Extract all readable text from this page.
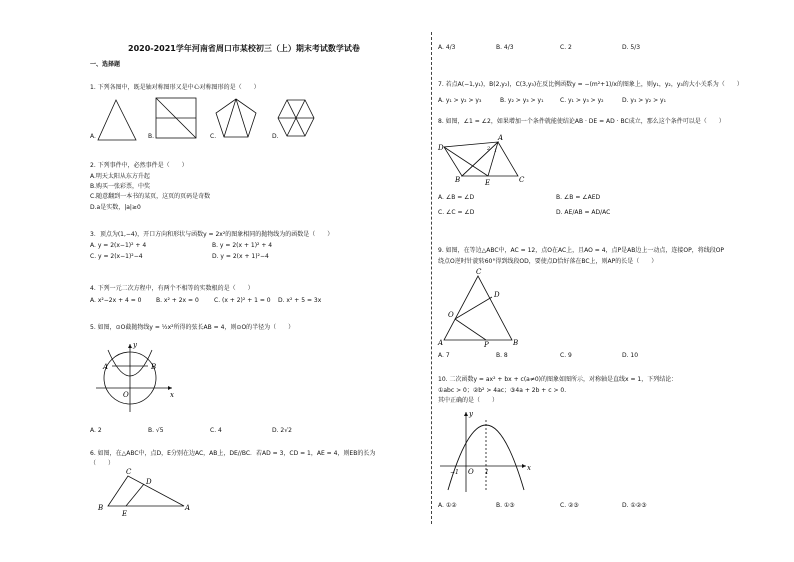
2020-2021学年河南省周口市某校初三（上）期末考试数学试卷
一、选择题
1. 下列各图中，既是轴对称图形又是中心对称图形的是（　　）
A.	B.	C.	D.
2. 下列事件中，必然事件是（　　）
A.明天太阳从东方升起
B.购买一张彩票，中奖
C.随意翻到一本书的某页，这页的页码是奇数
D.a是实数，|a|≥0
3．顶点为(1,−4)，开口方向和形状与函数y = 2x²的图象相同的抛物线为的函数是（　　）
A. y = 2(x−1)² + 4	B. y = 2(x + 1)² + 4
C. y = 2(x−1)²−4	D. y = 2(x + 1)²−4
4. 下列一元二次方程中，有两个不相等的实数根的是（　　）
A. x²−2x + 4 = 0 B. x² + 2x = 0	C. (x + 2)² + 1 = 0 D. x² + 5 = 3x
5. 如图，⊙O截抛物线y = ½x²所得的弦长AB = 4，则⊙O的半径为（　　）
y
A	B
O	x
A. 2	B. √5	C. 4	D. 2√2
6. 如图，在△ABC中，点D，E分别在边AC，AB上，DE//BC．若AD = 3，CD = 1，AE = 4，则EB的长为
（　　）
C
D
B
E
A
A. 4/3	B. 4/3	C. 2	D. 5/3
7. 若点A(−1,y₁)，B(2,y₂)，C(3,y₃)在反比例函数y = −(m²+1)/x的图象上，则y₁，y₂，y₃的大小关系为（　　）
A. y₁ > y₂ > y₃	B. y₂ > y₃ > y₁	C. y₁ > y₃ > y₂	D. y₃ > y₂ > y₁
8. 如图，∠1 = ∠2，如果增加一个条件就能使结论AB · DE = AD · BC成立，那么这个条件可以是（　　）
A
D	2 1
B	E	C
A. ∠B = ∠D	B. ∠B = ∠AED
C. ∠C = ∠D	D. AE/AB = AD/AC
9. 如图，在等边△ABC中，AC = 12，点O在AC上，且AO = 4，点P是AB边上一动点，连接OP，将线段OP
绕点O逆时针旋转60°得到线段OD，要使点D恰好落在BC上，则AP的长是（　　）
C
D
O
A	P	B
A. 7	B. 8	C. 9	D. 10
10. 二次函数y = ax² + bx + c(a≠0)的图象如图所示，对称轴是直线x = 1，下列结论：
①abc > 0；②b² > 4ac；③4a + 2b + c > 0.
其中正确的是（　　）
y
−1 O 1
x
A. ①②	B. ①③	C. ②③	D. ①②③
